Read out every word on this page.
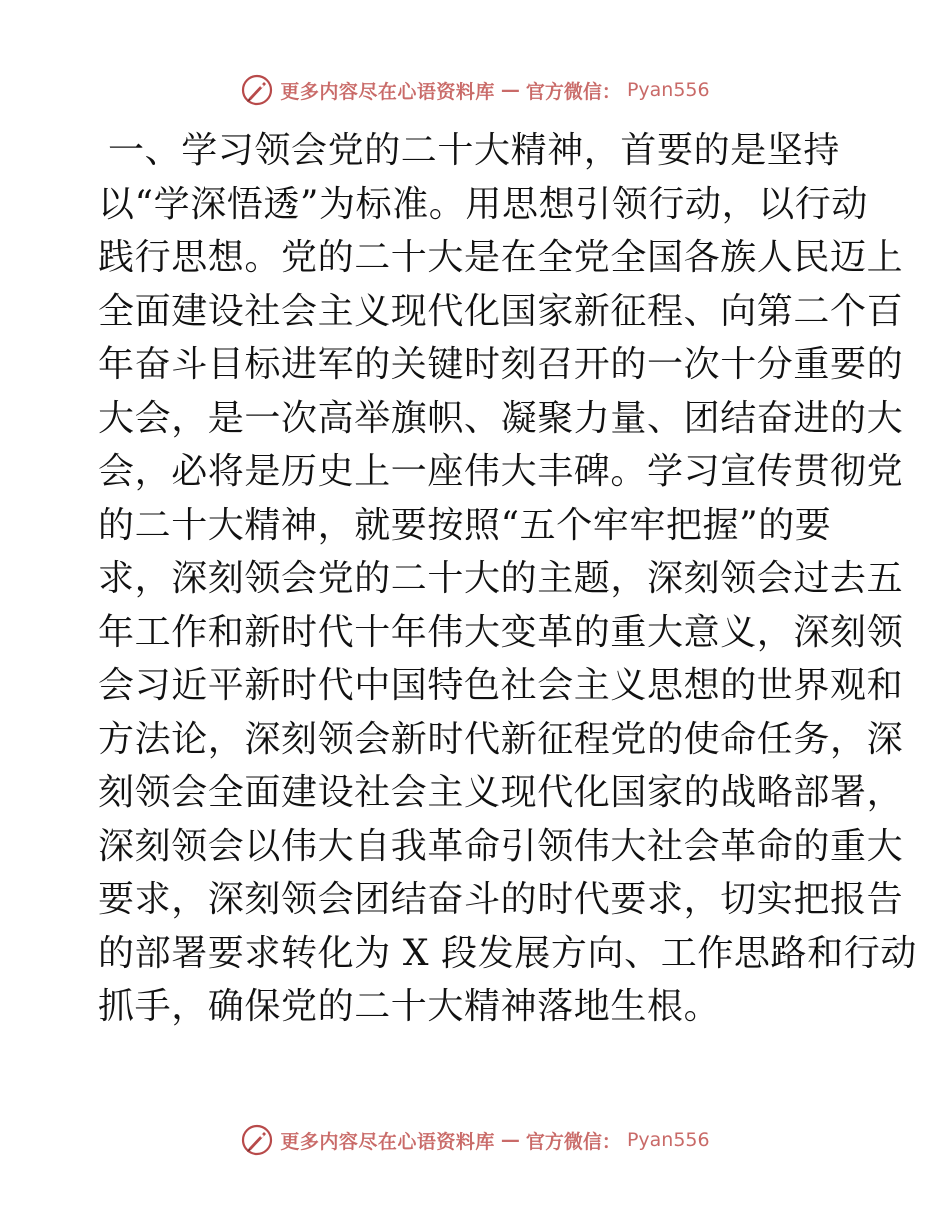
更多内容尽在心语资料库 — 官方微信： Pyan556
一、学习领会党的二十大精神，首要的是坚持
以“学深悟透”为标准。用思想引领行动，以行动
践行思想。党的二十大是在全党全国各族人民迈上
全面建设社会主义现代化国家新征程、向第二个百
年奋斗目标进军的关键时刻召开的一次十分重要的
大会，是一次高举旗帜、凝聚力量、团结奋进的大
会，必将是历史上一座伟大丰碑。学习宣传贯彻党
的二十大精神，就要按照“五个牢牢把握”的要
求，深刻领会党的二十大的主题，深刻领会过去五
年工作和新时代十年伟大变革的重大意义，深刻领
会习近平新时代中国特色社会主义思想的世界观和
方法论，深刻领会新时代新征程党的使命任务，深
刻领会全面建设社会主义现代化国家的战略部署，
深刻领会以伟大自我革命引领伟大社会革命的重大
要求，深刻领会团结奋斗的时代要求，切实把报告
的部署要求转化为 X 段发展方向、工作思路和行动
抓手，确保党的二十大精神落地生根。
更多内容尽在心语资料库 — 官方微信： Pyan556
